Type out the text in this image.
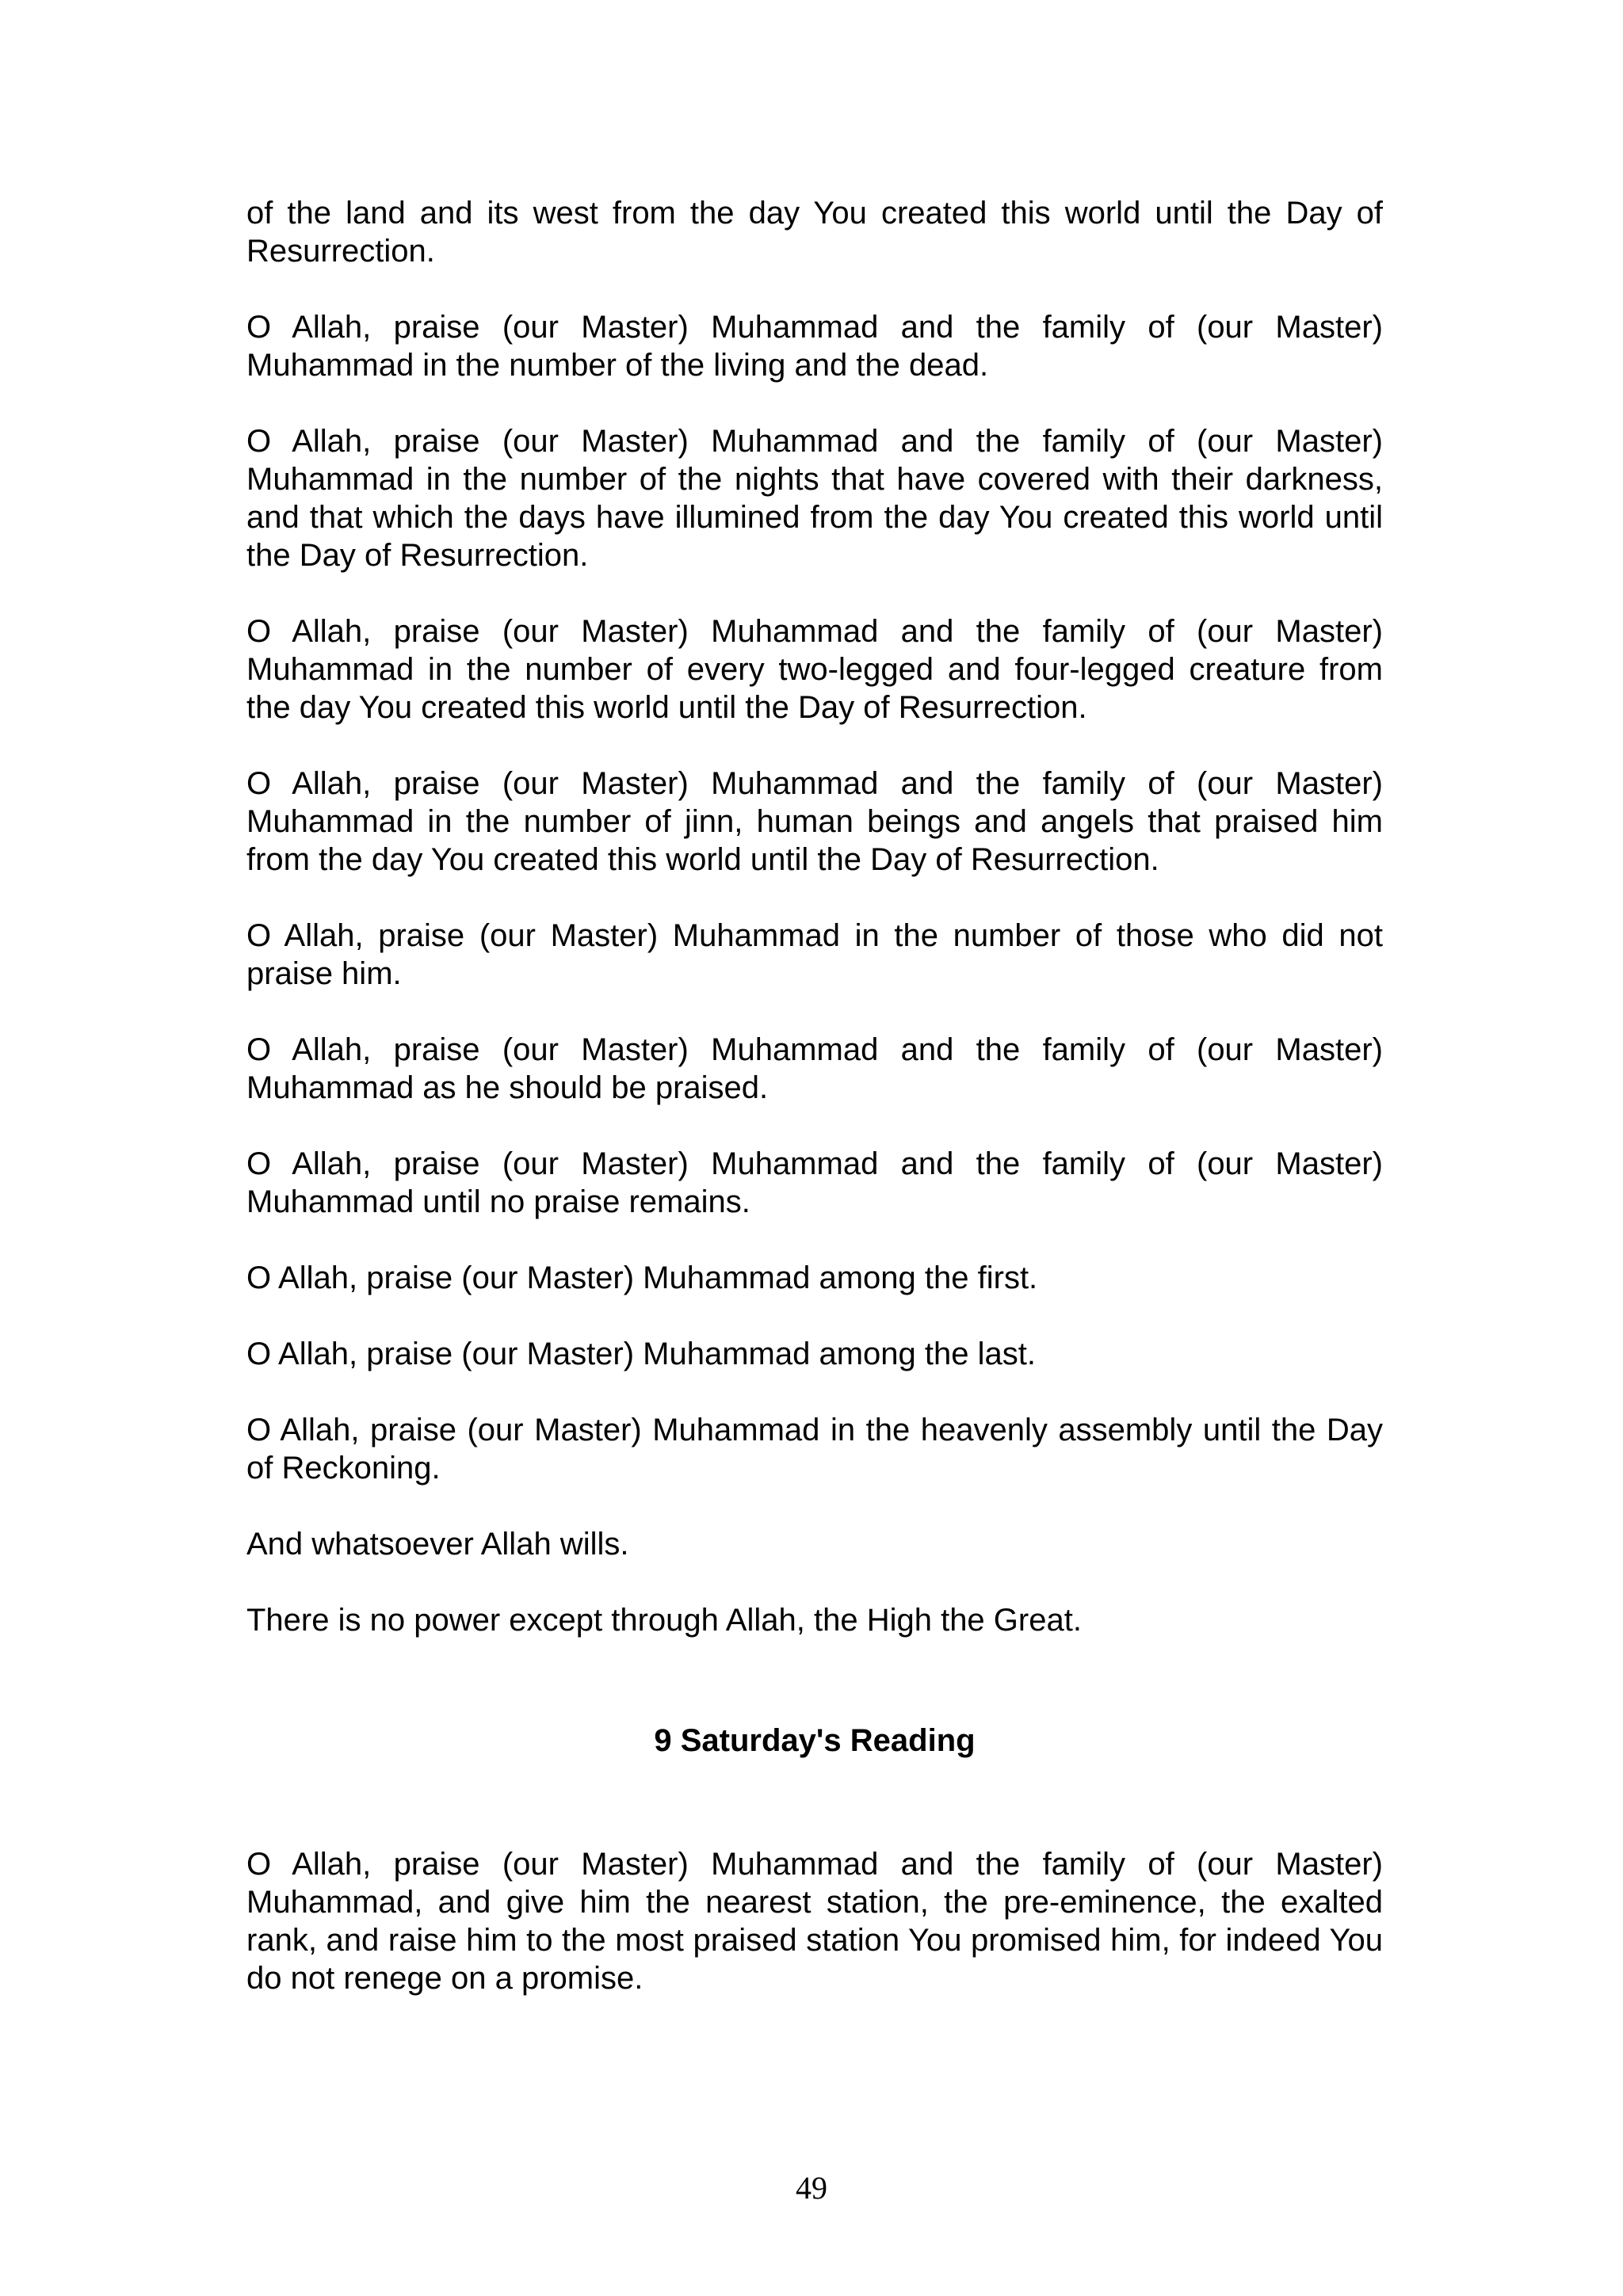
of the land and its west from the day You created this world until the Day of Resurrection.

O Allah, praise (our Master) Muhammad and the family of (our Master) Muhammad in the number of the living and the dead.

O Allah, praise (our Master) Muhammad and the family of (our Master) Muhammad in the number of the nights that have covered with their darkness, and that which the days have illumined from the day You created this world until the Day of Resurrection.

O Allah, praise (our Master) Muhammad and the family of (our Master) Muhammad in the number of every two-legged and four-legged creature from the day You created this world until the Day of Resurrection.

O Allah, praise (our Master) Muhammad and the family of (our Master) Muhammad in the number of jinn, human beings and angels that praised him from the day You created this world until the Day of Resurrection.

O Allah, praise (our Master) Muhammad in the number of those who did not praise him.

O Allah, praise (our Master) Muhammad and the family of (our Master) Muhammad as he should be praised.

O Allah, praise (our Master) Muhammad and the family of (our Master) Muhammad until no praise remains.

O Allah, praise (our Master) Muhammad among the first.

O Allah, praise (our Master) Muhammad among the last.

O Allah, praise (our Master) Muhammad in the heavenly assembly until the Day of Reckoning.

And whatsoever Allah wills.

There is no power except through Allah, the High the Great.

9 Saturday's Reading

O Allah, praise (our Master) Muhammad and the family of (our Master) Muhammad, and give him the nearest station, the pre-eminence, the exalted rank, and raise him to the most praised station You promised him, for indeed You do not renege on a promise.

49
